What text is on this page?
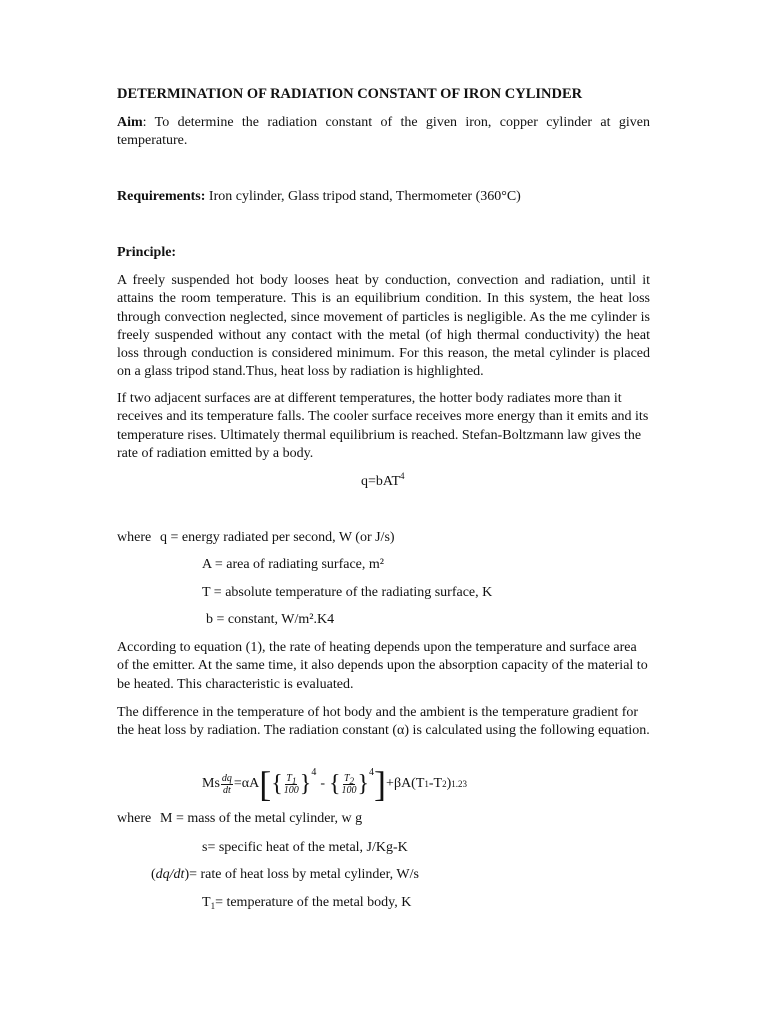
DETERMINATION OF RADIATION CONSTANT OF IRON CYLINDER
Aim: To determine the radiation constant of the given iron, copper cylinder at given temperature.
Requirements: Iron cylinder, Glass tripod stand, Thermometer (360°C)
Principle:
A freely suspended hot body looses heat by conduction, convection and radiation, until it attains the room temperature. This is an equilibrium condition. In this system, the heat loss through convection neglected, since movement of particles is negligible. As the me cylinder is freely suspended without any contact with the metal (of high thermal conductivity) the heat loss through conduction is considered minimum. For this reason, the metal cylinder is placed on a glass tripod stand.Thus, heat loss by radiation is highlighted.
If two adjacent surfaces are at different temperatures, the hotter body radiates more than it receives and its temperature falls. The cooler surface receives more energy than it emits and its temperature rises. Ultimately thermal equilibrium is reached. Stefan-Boltzmann law gives the rate of radiation emitted by a body.
q=bAT$^4$
where q = energy radiated per second, W (or J/s)
A = area of radiating surface, m²
T = absolute temperature of the radiating surface, K
b = constant, W/m².K4
According to equation (1), the rate of heating depends upon the temperature and surface area of the emitter. At the same time, it also depends upon the absorption capacity of the material to be heated. This characteristic is evaluated.
The difference in the temperature of hot body and the ambient is the temperature gradient for the heat loss by radiation. The radiation constant (α) is calculated using the following equation.
Ms $\frac{dq}{dt} =\alpha A$ [ { $\frac{T_1}{100}$ } 4
- { $\frac{T_2}{100}$ } 4 ] +βA(T 1 -T 2 ) 1.23
where M = mass of the metal cylinder, w g
s= specific heat of the metal, J/Kg-K
(dq/dt)= rate of heat loss by metal cylinder, W/s
$T_1=$ temperature of the metal body, K
